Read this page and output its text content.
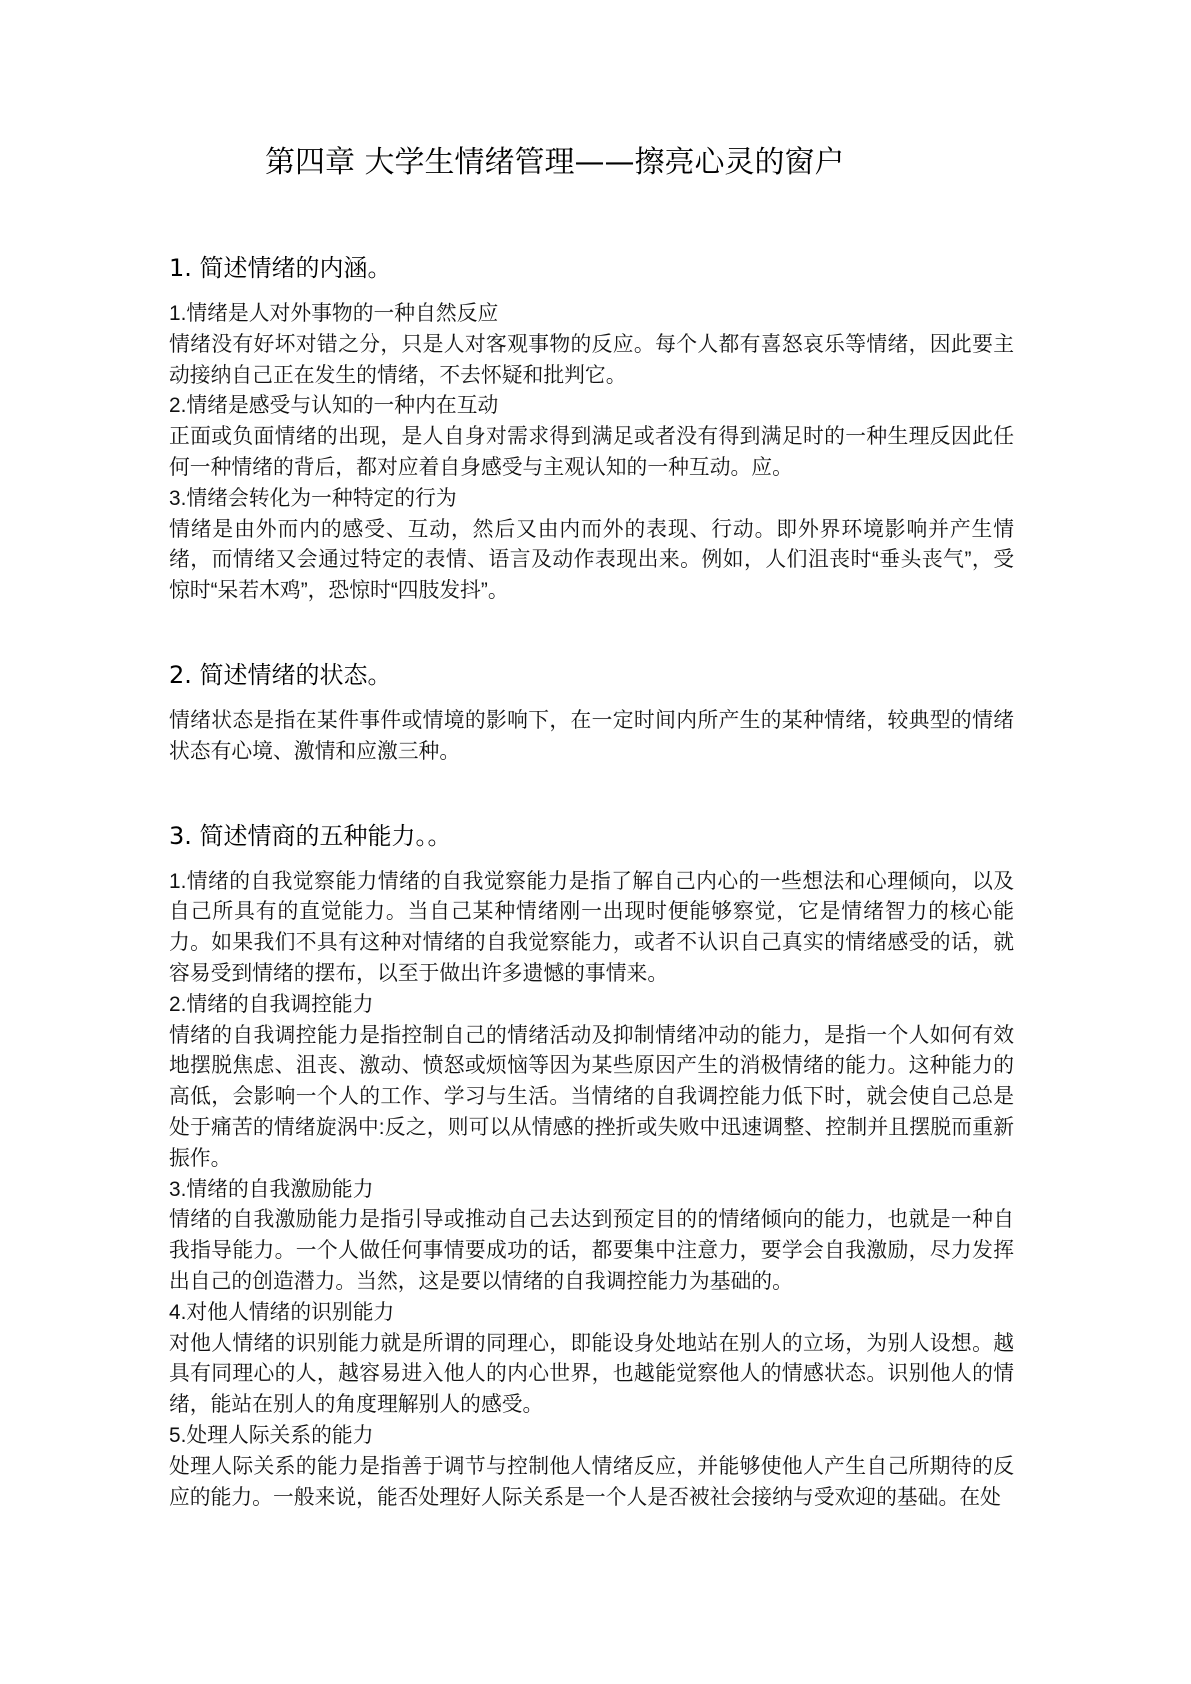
第四章 大学生情绪管理——擦亮心灵的窗户
1. 简述情绪的内涵。

1.情绪是人对外事物的一种自然反应

情绪没有好坏对错之分，只是人对客观事物的反应。每个人都有喜怒哀乐等情绪，因此要主动接纳自己正在发生的情绪，不去怀疑和批判它。

2.情绪是感受与认知的一种内在互动

正面或负面情绪的出现，是人自身对需求得到满足或者没有得到满足时的一种生理反因此任何一种情绪的背后，都对应着自身感受与主观认知的一种互动。应。

3.情绪会转化为一种特定的行为

情绪是由外而内的感受、互动，然后又由内而外的表现、行动。即外界环境影响并产生情绪，而情绪又会通过特定的表情、语言及动作表现出来。例如，人们沮丧时“垂头丧气”，受惊时“呆若木鸡”，恐惊时“四肢发抖”。

2. 简述情绪的状态。

情绪状态是指在某件事件或情境的影响下，在一定时间内所产生的某种情绪，较典型的情绪状态有心境、激情和应激三种。

3. 简述情商的五种能力。。

1.情绪的自我觉察能力情绪的自我觉察能力是指了解自己内心的一些想法和心理倾向，以及自己所具有的直觉能力。当自己某种情绪刚一出现时便能够察觉，它是情绪智力的核心能力。如果我们不具有这种对情绪的自我觉察能力，或者不认识自己真实的情绪感受的话，就容易受到情绪的摆布，以至于做出许多遗憾的事情来。

2.情绪的自我调控能力

情绪的自我调控能力是指控制自己的情绪活动及抑制情绪冲动的能力，是指一个人如何有效地摆脱焦虑、沮丧、激动、愤怒或烦恼等因为某些原因产生的消极情绪的能力。这种能力的高低，会影响一个人的工作、学习与生活。当情绪的自我调控能力低下时，就会使自己总是处于痛苦的情绪旋涡中:反之，则可以从情感的挫折或失败中迅速调整、控制并且摆脱而重新振作。

3.情绪的自我激励能力

情绪的自我激励能力是指引导或推动自己去达到预定目的的情绪倾向的能力，也就是一种自我指导能力。一个人做任何事情要成功的话，都要集中注意力，要学会自我激励，尽力发挥出自己的创造潜力。当然，这是要以情绪的自我调控能力为基础的。

4.对他人情绪的识别能力

对他人情绪的识别能力就是所谓的同理心，即能设身处地站在别人的立场，为别人设想。越具有同理心的人，越容易进入他人的内心世界，也越能觉察他人的情感状态。识别他人的情绪，能站在别人的角度理解别人的感受。

5.处理人际关系的能力

处理人际关系的能力是指善于调节与控制他人情绪反应，并能够使他人产生自己所期待的反应的能力。一般来说，能否处理好人际关系是一个人是否被社会接纳与受欢迎的基础。在处
